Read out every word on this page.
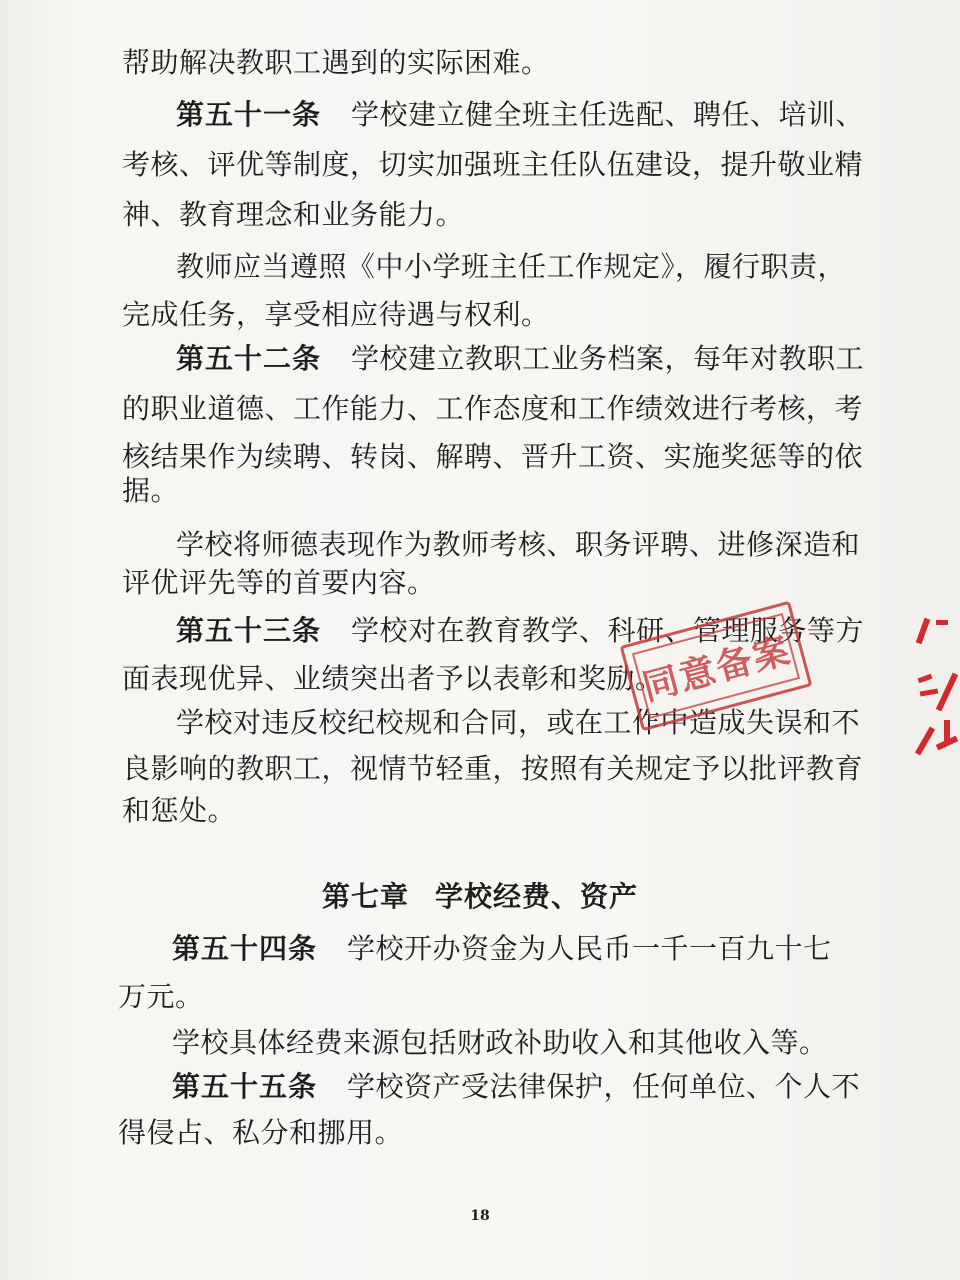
帮助解决教职工遇到的实际困难。
第五十一条 学校建立健全班主任选配、聘任、培训、
考核、评优等制度，切实加强班主任队伍建设，提升敬业精
神、教育理念和业务能力。
教师应当遵照《中小学班主任工作规定》，履行职责，
完成任务，享受相应待遇与权利。
第五十二条 学校建立教职工业务档案，每年对教职工
的职业道德、工作能力、工作态度和工作绩效进行考核，考
核结果作为续聘、转岗、解聘、晋升工资、实施奖惩等的依
据。
学校将师德表现作为教师考核、职务评聘、进修深造和
评优评先等的首要内容。
第五十三条 学校对在教育教学、科研、管理服务等方
面表现优异、业绩突出者予以表彰和奖励。
学校对违反校纪校规和合同，或在工作中造成失误和不
良影响的教职工，视情节轻重，按照有关规定予以批评教育
和惩处。
第七章 学校经费、资产
第五十四条 学校开办资金为人民币一千一百九十七
万元。
学校具体经费来源包括财政补助收入和其他收入等。
第五十五条 学校资产受法律保护，任何单位、个人不
得侵占、私分和挪用。
同意备案
18
